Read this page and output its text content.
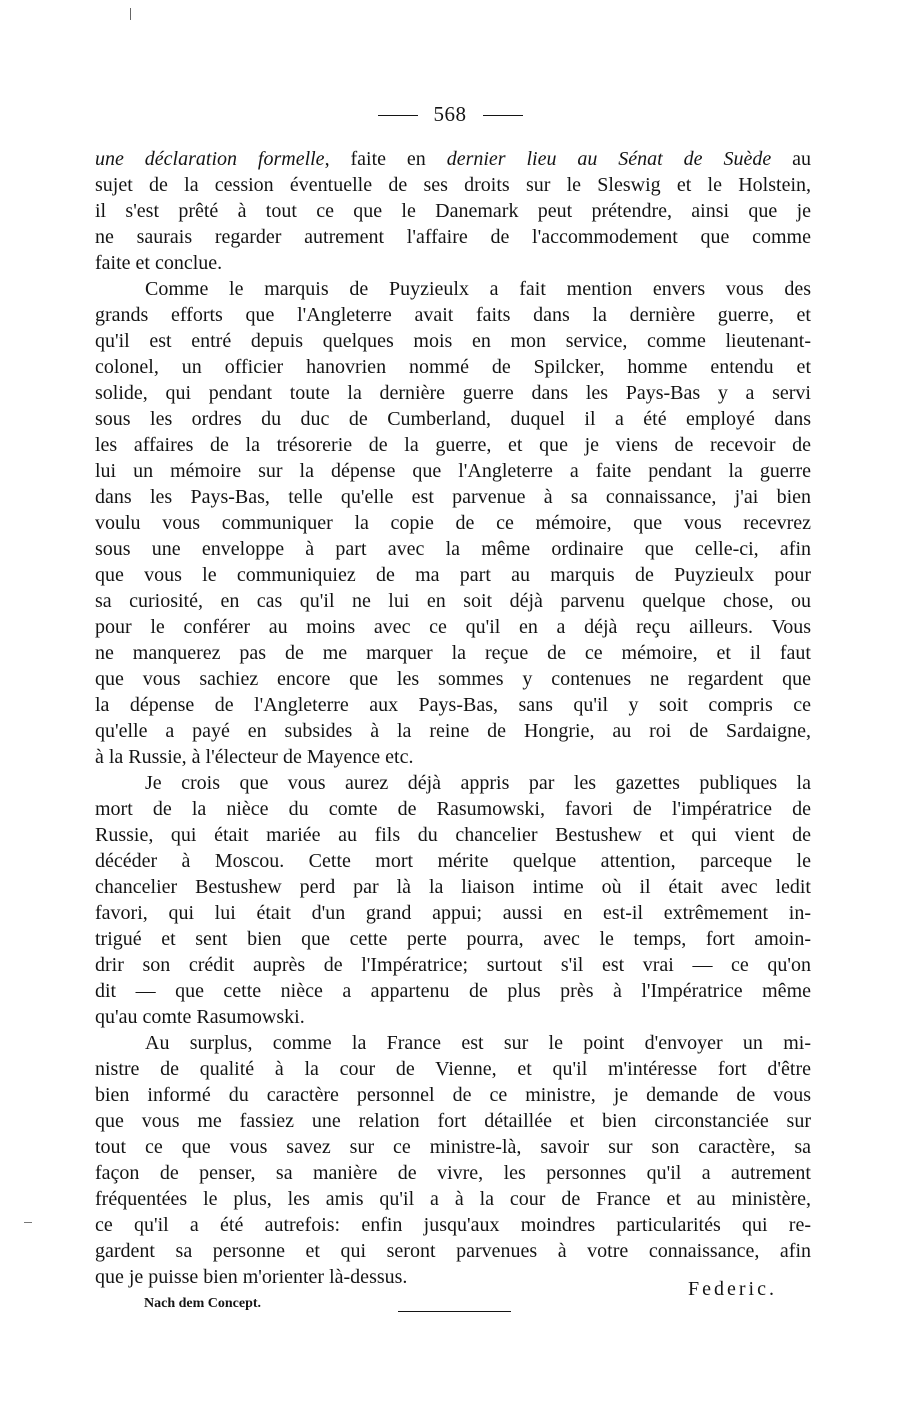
568
une déclaration formelle, faite en dernier lieu au Sénat de Suède au
sujet de la cession éventuelle de ses droits sur le Sleswig et le Holstein,
il s'est prêté à tout ce que le Danemark peut prétendre, ainsi que je
ne saurais regarder autrement l'affaire de l'accommodement que comme
faite et conclue.
Comme le marquis de Puyzieulx a fait mention envers vous des
grands efforts que l'Angleterre avait faits dans la dernière guerre, et
qu'il est entré depuis quelques mois en mon service, comme lieutenant-
colonel, un officier hanovrien nommé de Spilcker, homme entendu et
solide, qui pendant toute la dernière guerre dans les Pays-Bas y a servi
sous les ordres du duc de Cumberland, duquel il a été employé dans
les affaires de la trésorerie de la guerre, et que je viens de recevoir de
lui un mémoire sur la dépense que l'Angleterre a faite pendant la guerre
dans les Pays-Bas, telle qu'elle est parvenue à sa connaissance, j'ai bien
voulu vous communiquer la copie de ce mémoire, que vous recevrez
sous une enveloppe à part avec la même ordinaire que celle-ci, afin
que vous le communiquiez de ma part au marquis de Puyzieulx pour
sa curiosité, en cas qu'il ne lui en soit déjà parvenu quelque chose, ou
pour le conférer au moins avec ce qu'il en a déjà reçu ailleurs. Vous
ne manquerez pas de me marquer la reçue de ce mémoire, et il faut
que vous sachiez encore que les sommes y contenues ne regardent que
la dépense de l'Angleterre aux Pays-Bas, sans qu'il y soit compris ce
qu'elle a payé en subsides à la reine de Hongrie, au roi de Sardaigne,
à la Russie, à l'électeur de Mayence etc.
Je crois que vous aurez déjà appris par les gazettes publiques la
mort de la nièce du comte de Rasumowski, favori de l'impératrice de
Russie, qui était mariée au fils du chancelier Bestushew et qui vient de
décéder à Moscou. Cette mort mérite quelque attention, parceque le
chancelier Bestushew perd par là la liaison intime où il était avec ledit
favori, qui lui était d'un grand appui; aussi en est-il extrêmement in-
trigué et sent bien que cette perte pourra, avec le temps, fort amoin-
drir son crédit auprès de l'Impératrice; surtout s'il est vrai — ce qu'on
dit — que cette nièce a appartenu de plus près à l'Impératrice même
qu'au comte Rasumowski.
Au surplus, comme la France est sur le point d'envoyer un mi-
nistre de qualité à la cour de Vienne, et qu'il m'intéresse fort d'être
bien informé du caractère personnel de ce ministre, je demande de vous
que vous me fassiez une relation fort détaillée et bien circonstanciée sur
tout ce que vous savez sur ce ministre-là, savoir sur son caractère, sa
façon de penser, sa manière de vivre, les personnes qu'il a autrement
fréquentées le plus, les amis qu'il a à la cour de France et au ministère,
ce qu'il a été autrefois: enfin jusqu'aux moindres particularités qui re-
gardent sa personne et qui seront parvenues à votre connaissance, afin
que je puisse bien m'orienter là-dessus.
Federic.
Nach dem Concept.
